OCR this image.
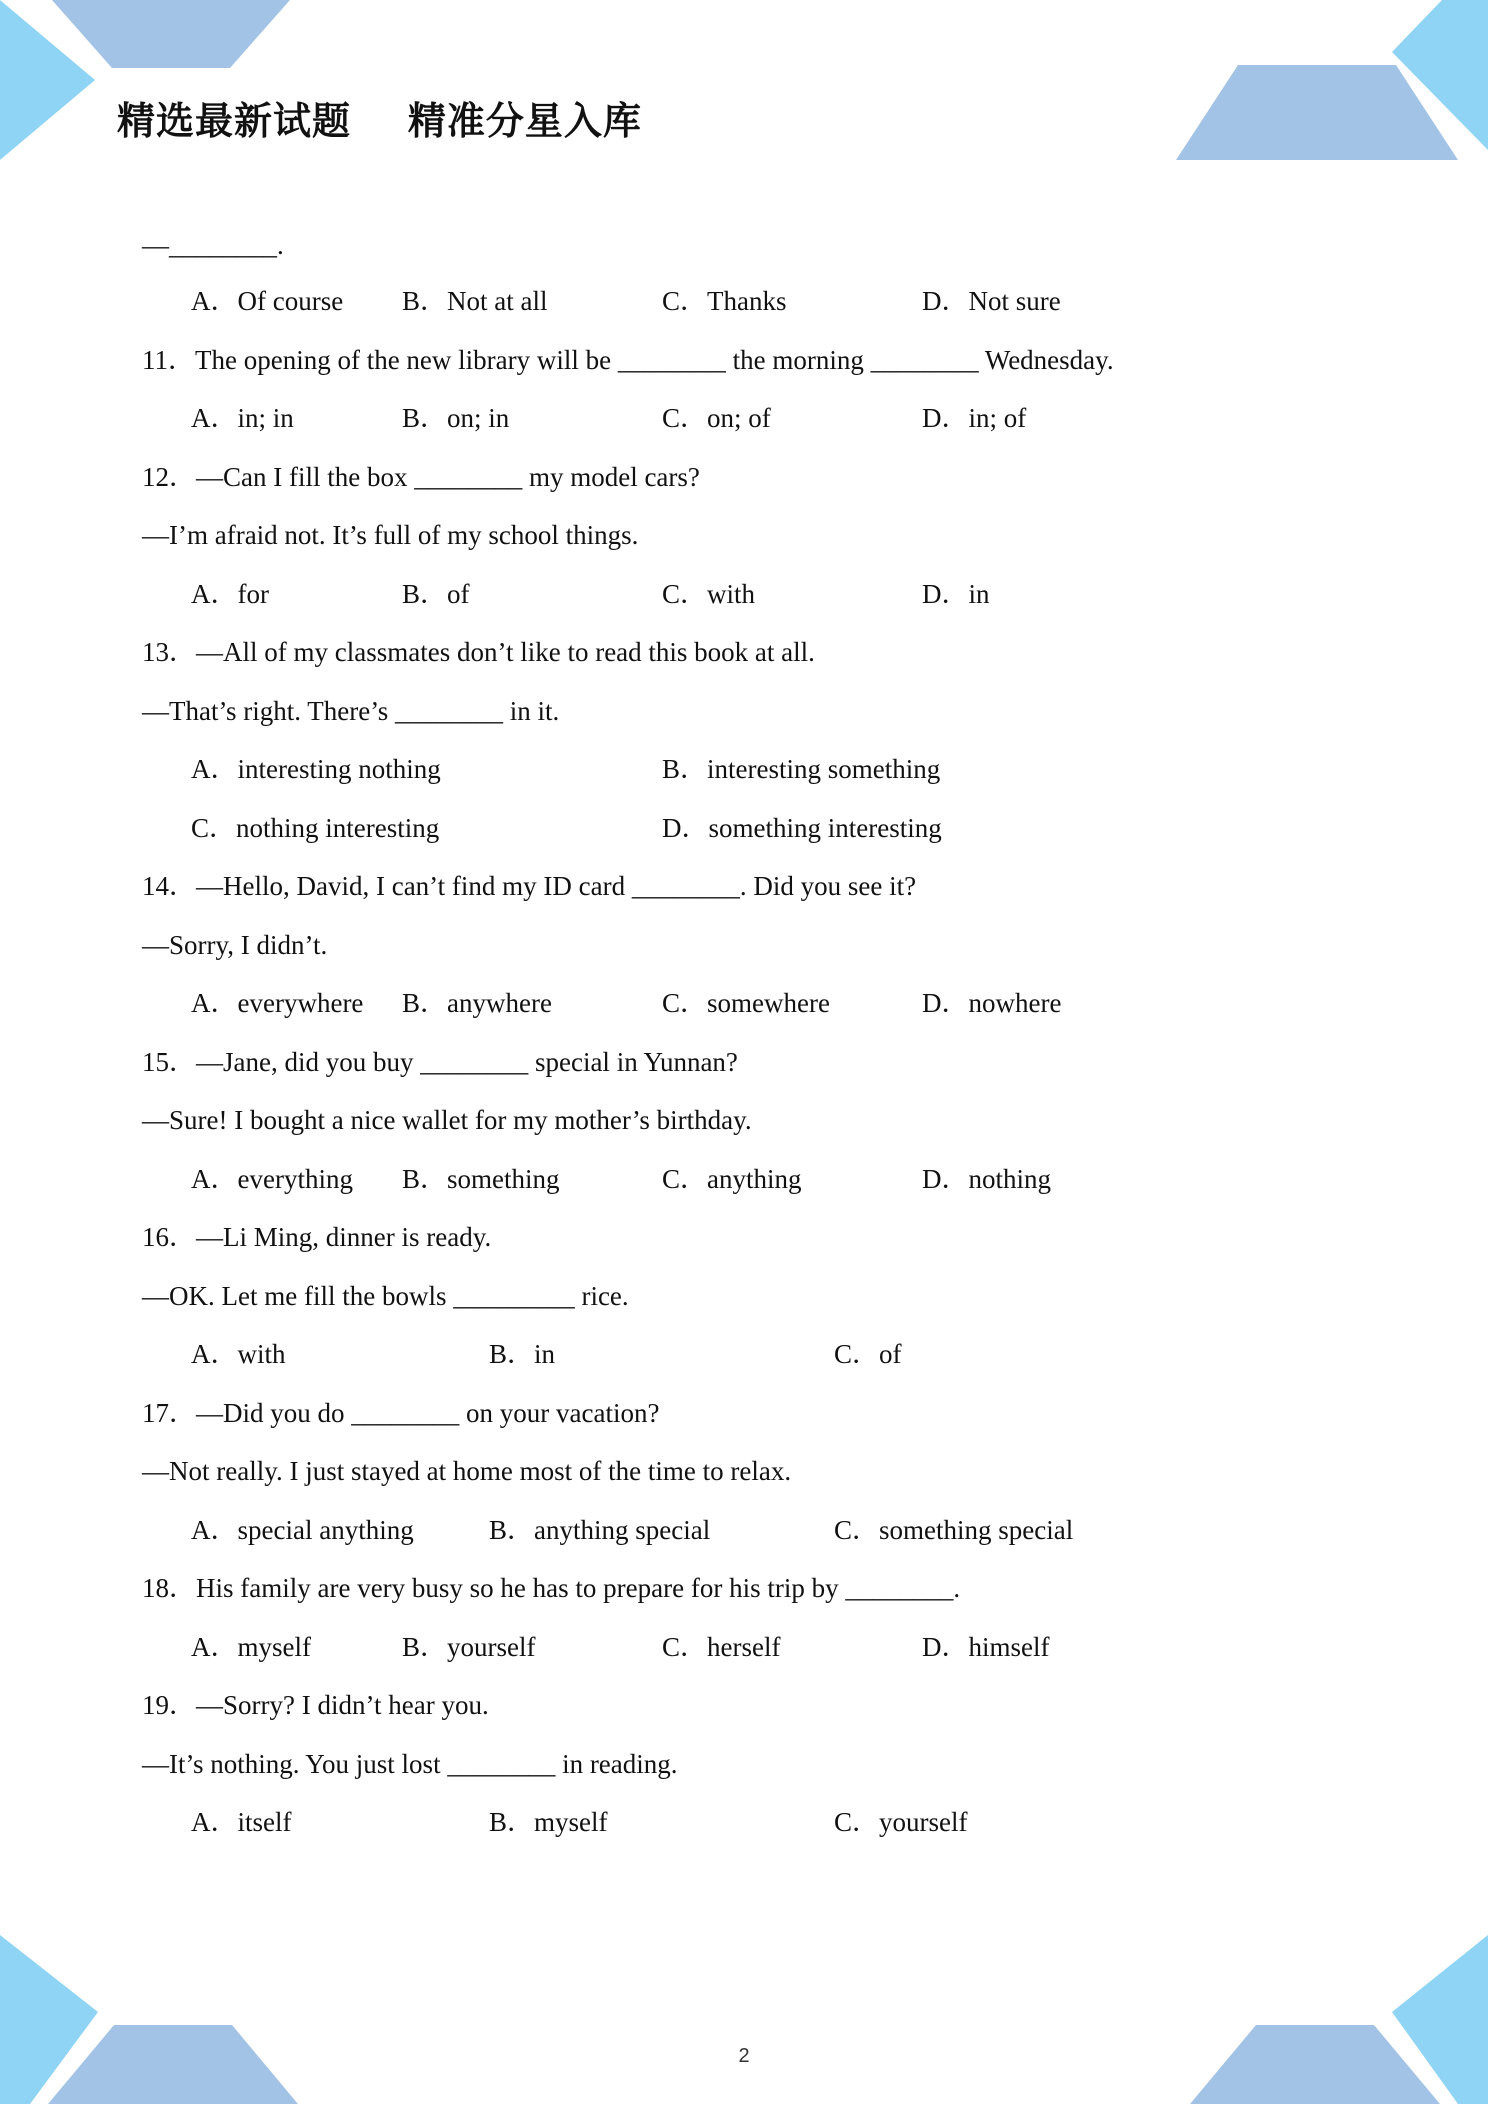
精选最新试题    精准分星入库
—________.
A．Of course B．Not at all	C．Thanks	D．Not sure
11．The opening of the new library will be ________ the morning ________ Wednesday.
A．in; in	B．on; in	C．on; of	D．in; of
12．—Can I fill the box ________ my model cars?
—I’m afraid not. It’s full of my school things.
A．for	B．of	C．with	D．in
13．—All of my classmates don’t like to read this book at all.
—That’s right. There’s ________ in it.
A．interesting nothing	B．interesting something
C．nothing interesting	D．something interesting
14．—Hello, David, I can’t find my ID card ________. Did you see it?
—Sorry, I didn’t.
A．everywhere B．anywhere	C．somewhere	D．nowhere
15．—Jane, did you buy ________ special in Yunnan?
—Sure! I bought a nice wallet for my mother’s birthday.
A．everything B．something	C．anything	D．nothing
16．—Li Ming, dinner is ready.
—OK. Let me fill the bowls _________ rice.
A．with	B．in	C．of
17．—Did you do ________ on your vacation?
—Not really. I just stayed at home most of the time to relax.
A．special anything	B．anything special	C．something special
18．His family are very busy so he has to prepare for his trip by ________.
A．myself	B．yourself	C．herself	D．himself
19．—Sorry? I didn’t hear you.
—It’s nothing. You just lost ________ in reading.
A．itself	B．myself	C．yourself
2
